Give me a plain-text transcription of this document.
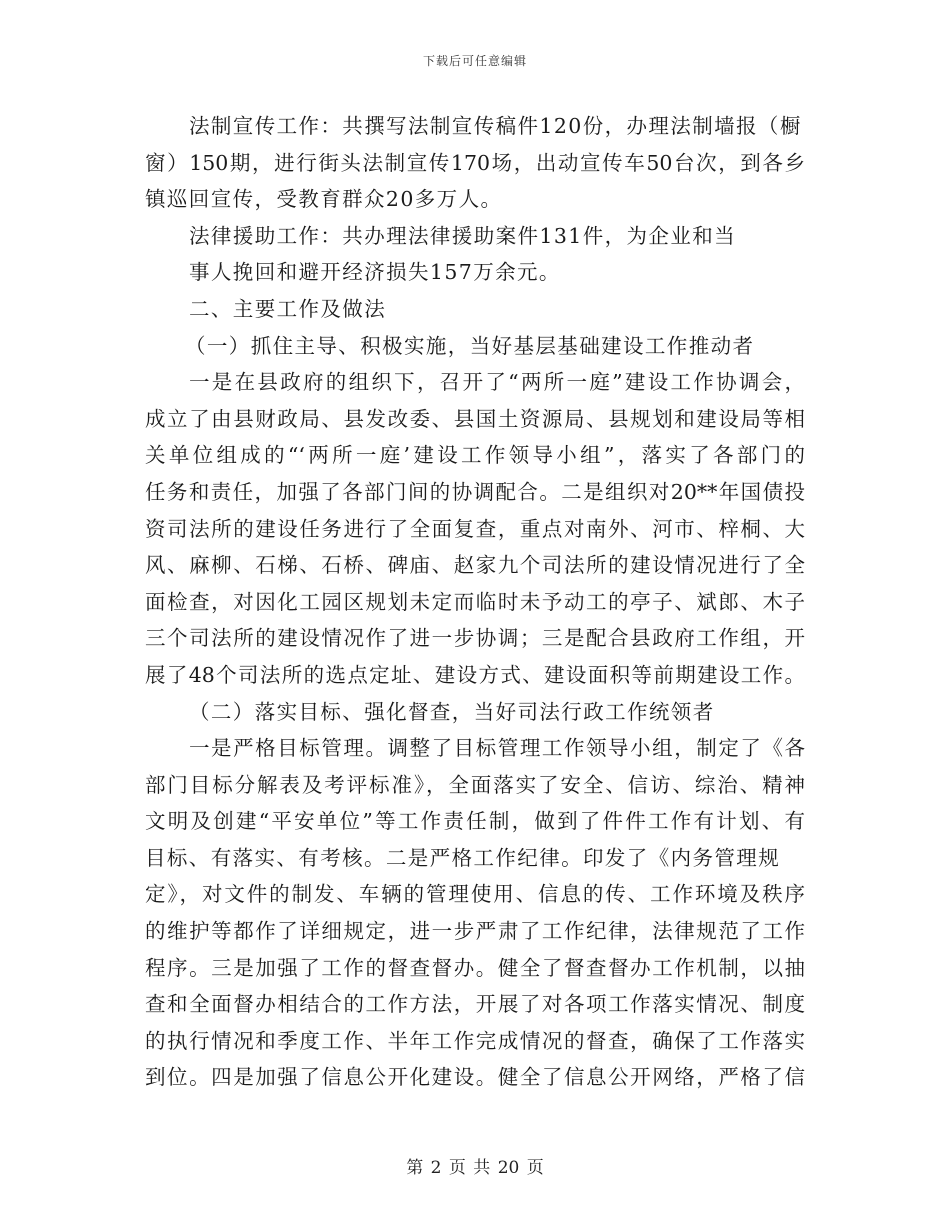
下载后可任意编辑
法制宣传工作：共撰写法制宣传稿件120份，办理法制墙报（橱
窗）150期，进行街头法制宣传170场，出动宣传车50台次，到各乡
镇巡回宣传，受教育群众20多万人。
法律援助工作：共办理法律援助案件131件，为企业和当
事人挽回和避开经济损失157万余元。
二、主要工作及做法
（一）抓住主导、积极实施，当好基层基础建设工作推动者
一是在县政府的组织下，召开了“两所一庭”建设工作协调会，
成立了由县财政局、县发改委、县国土资源局、县规划和建设局等相
关单位组成的“‘两所一庭’建设工作领导小组”，落实了各部门的
任务和责任，加强了各部门间的协调配合。二是组织对20**年国债投
资司法所的建设任务进行了全面复查，重点对南外、河市、梓桐、大
风、麻柳、石梯、石桥、碑庙、赵家九个司法所的建设情况进行了全
面检查，对因化工园区规划未定而临时未予动工的亭子、斌郎、木子
三个司法所的建设情况作了进一步协调；三是配合县政府工作组，开
展了48个司法所的选点定址、建设方式、建设面积等前期建设工作。
（二）落实目标、强化督查，当好司法行政工作统领者
一是严格目标管理。调整了目标管理工作领导小组，制定了《各
部门目标分解表及考评标准》，全面落实了安全、信访、综治、精神
文明及创建“平安单位”等工作责任制，做到了件件工作有计划、有
目标、有落实、有考核。二是严格工作纪律。印发了《内务管理规
定》，对文件的制发、车辆的管理使用、信息的传、工作环境及秩序
的维护等都作了详细规定，进一步严肃了工作纪律，法律规范了工作
程序。三是加强了工作的督查督办。健全了督查督办工作机制，以抽
查和全面督办相结合的工作方法，开展了对各项工作落实情况、制度
的执行情况和季度工作、半年工作完成情况的督查，确保了工作落实
到位。四是加强了信息公开化建设。健全了信息公开网络，严格了信
第 2 页 共 20 页
